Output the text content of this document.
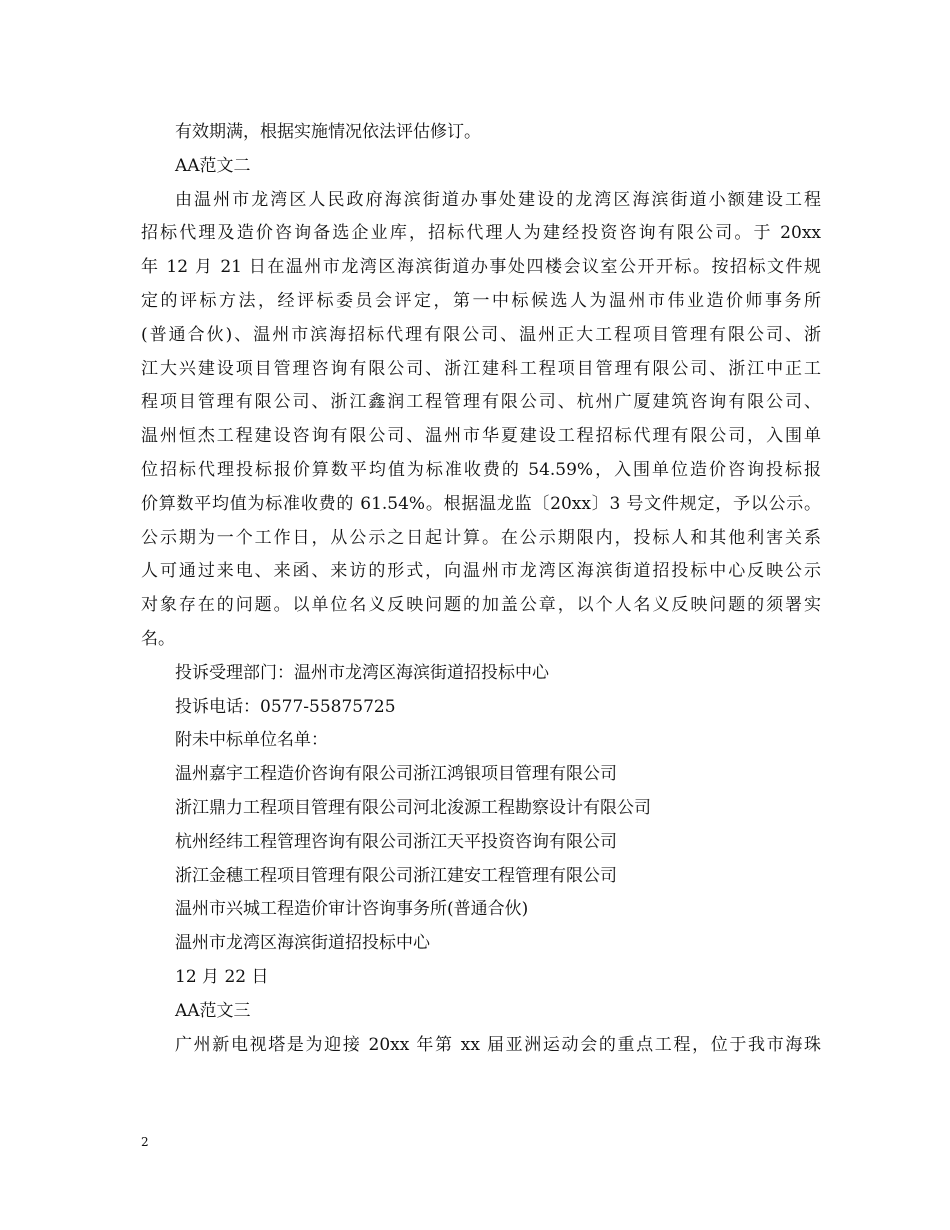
有效期满，根据实施情况依法评估修订。
AA范文二
由温州市龙湾区人民政府海滨街道办事处建设的龙湾区海滨街道小额建设工程
招标代理及造价咨询备选企业库，招标代理人为建经投资咨询有限公司。于 20xx
年 12 月 21 日在温州市龙湾区海滨街道办事处四楼会议室公开开标。按招标文件规
定的评标方法，经评标委员会评定，第一中标候选人为温州市伟业造价师事务所
(普通合伙)、温州市滨海招标代理有限公司、温州正大工程项目管理有限公司、浙
江大兴建设项目管理咨询有限公司、浙江建科工程项目管理有限公司、浙江中正工
程项目管理有限公司、浙江鑫润工程管理有限公司、杭州广厦建筑咨询有限公司、
温州恒杰工程建设咨询有限公司、温州市华夏建设工程招标代理有限公司，入围单
位招标代理投标报价算数平均值为标准收费的 54.59%，入围单位造价咨询投标报
价算数平均值为标准收费的 61.54%。根据温龙监〔20xx〕3 号文件规定，予以公示。
公示期为一个工作日，从公示之日起计算。在公示期限内，投标人和其他利害关系
人可通过来电、来函、来访的形式，向温州市龙湾区海滨街道招投标中心反映公示
对象存在的问题。以单位名义反映问题的加盖公章，以个人名义反映问题的须署实
名。
投诉受理部门：温州市龙湾区海滨街道招投标中心
投诉电话：0577-55875725
附未中标单位名单：
温州嘉宇工程造价咨询有限公司浙江鸿银项目管理有限公司
浙江鼎力工程项目管理有限公司河北浚源工程勘察设计有限公司
杭州经纬工程管理咨询有限公司浙江天平投资咨询有限公司
浙江金穗工程项目管理有限公司浙江建安工程管理有限公司
温州市兴城工程造价审计咨询事务所(普通合伙)
温州市龙湾区海滨街道招投标中心
12 月 22 日
AA范文三
广州新电视塔是为迎接 20xx 年第 xx 届亚洲运动会的重点工程，位于我市海珠
2
